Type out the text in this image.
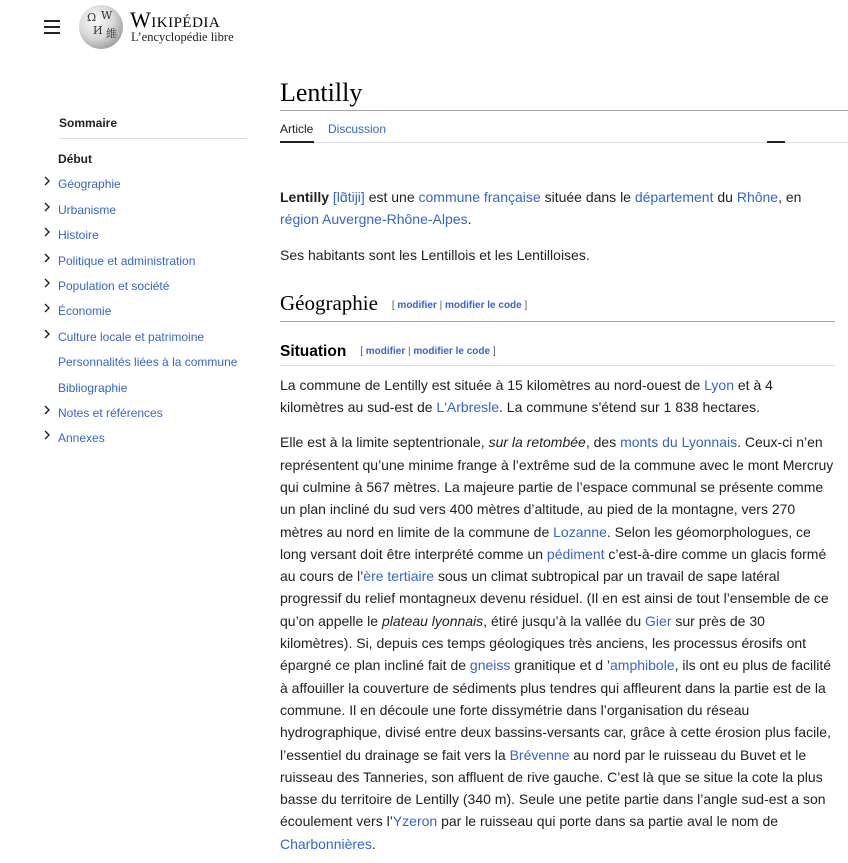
Ω W
И 維
Wikipédia
L’encyclopédie libre
Sommaire
Début
Géographie
Urbanisme
Histoire
Politique et administration
Population et société
Économie
Culture locale et patrimoine
Personnalités liées à la commune
Bibliographie
Notes et références
Annexes
Lentilly
Article Discussion

Lentilly [lɑ̃tiji] est une commune française située dans le département du Rhône, en
région Auvergne-Rhône-Alpes.

Ses habitants sont les Lentillois et les Lentilloises.

Géographie [ modifier | modifier le code ]
Situation [ modifier | modifier le code ]

La commune de Lentilly est située à 15 kilomètres au nord-ouest de Lyon et à 4 kilomètres au sud-est de L'Arbresle. La commune s'étend sur 1 838 hectares.

Elle est à la limite septentrionale, sur la retombée, des monts du Lyonnais. Ceux-ci n’en représentent qu’une minime frange à l’extrême sud de la commune avec le mont Mercruy qui culmine à 567 mètres. La majeure partie de l’espace communal se présente comme un plan incliné du sud vers 400 mètres d’altitude, au pied de la montagne, vers 270 mètres au nord en limite de la commune de Lozanne. Selon les géomorphologues, ce long versant doit être interprété comme un pédiment c’est-à-dire comme un glacis formé au cours de l’ère tertiaire sous un climat subtropical par un travail de sape latéral progressif du relief montagneux devenu résiduel. (Il en est ainsi de tout l’ensemble de ce qu’on appelle le plateau lyonnais, étiré jusqu’à la vallée du Gier sur près de 30 kilomètres). Si, depuis ces temps géologiques très anciens, les processus érosifs ont épargné ce plan incliné fait de gneiss granitique et d ’amphibole, ils ont eu plus de facilité à affouiller la couverture de sédiments plus tendres qui affleurent dans la partie est de la commune. Il en découle une forte dissymétrie dans l’organisation du réseau hydrographique, divisé entre deux bassins-versants car, grâce à cette érosion plus facile, l’essentiel du drainage se fait vers la Brévenne au nord par le ruisseau du Buvet et le ruisseau des Tanneries, son affluent de rive gauche. C’est là que se situe la cote la plus basse du territoire de Lentilly (340 m). Seule une petite partie dans l’angle sud-est a son écoulement vers l’Yzeron par le ruisseau qui porte dans sa partie aval le nom de Charbonnières.
